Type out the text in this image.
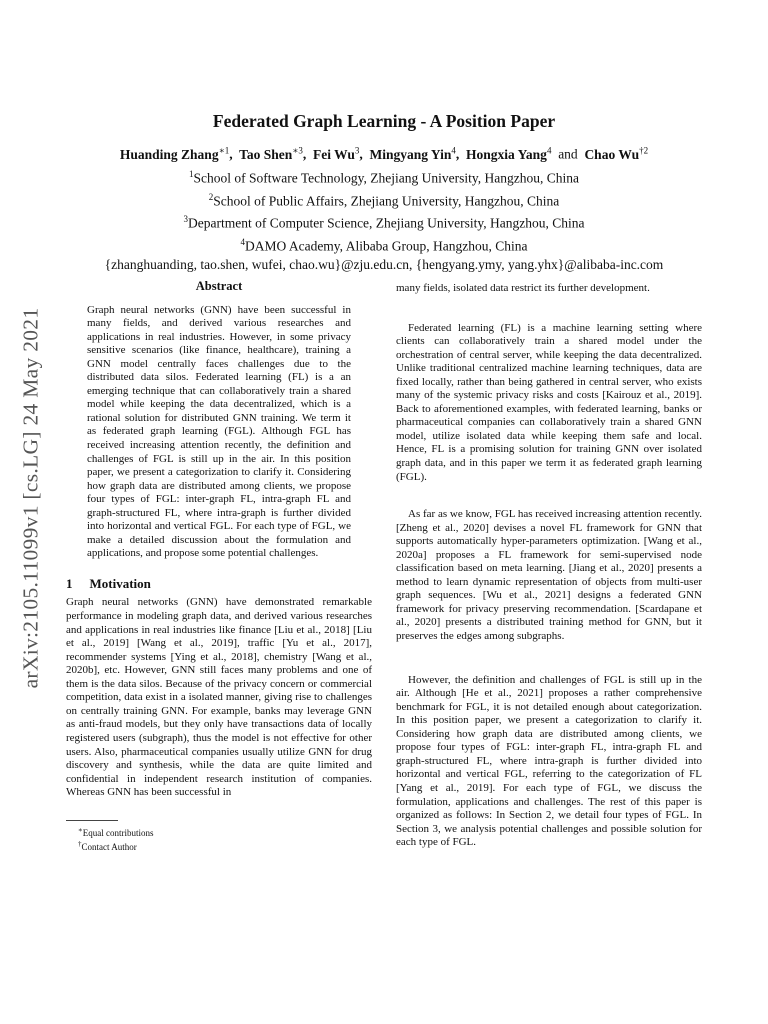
arXiv:2105.11099v1 [cs.LG] 24 May 2021
Federated Graph Learning - A Position Paper

Huanding Zhang$^{∗1}$,  Tao Shen$^{∗3}$,  Fei Wu$^3$,  Mingyang Yin$^4$,  Hongxia Yang$^4$ and Chao Wu$^{\dagger 2}$

$^1$School of Software Technology, Zhejiang University, Hangzhou, China

$^2$School of Public Affairs, Zhejiang University, Hangzhou, China

$^3$Department of Computer Science, Zhejiang University, Hangzhou, China

$^4$DAMO Academy, Alibaba Group, Hangzhou, China

{zhanghuanding, tao.shen, wufei, chao.wu}@zju.edu.cn, {hengyang.ymy, yang.yhx}@alibaba-inc.com

Abstract

Graph neural networks (GNN) have been successful in many fields, and derived various researches and applications in real industries. However, in some privacy sensitive scenarios (like finance, healthcare), training a GNN model centrally faces challenges due to the distributed data silos. Federated learning (FL) is a an emerging technique that can collaboratively train a shared model while keeping the data decentralized, which is a rational solution for distributed GNN training. We term it as federated graph learning (FGL). Although FGL has received increasing attention recently, the definition and challenges of FGL is still up in the air. In this position paper, we present a categorization to clarify it. Considering how graph data are distributed among clients, we propose four types of FGL: inter-graph FL, intra-graph FL and graph-structured FL, where intra-graph is further divided into horizontal and vertical FGL. For each type of FGL, we make a detailed discussion about the formulation and applications, and propose some potential challenges.

1 Motivation

Graph neural networks (GNN) have demonstrated remarkable performance in modeling graph data, and derived various researches and applications in real industries like finance [Liu et al., 2018] [Liu et al., 2019] [Wang et al., 2019], traffic [Yu et al., 2017], recommender systems [Ying et al., 2018], chemistry [Wang et al., 2020b], etc. However, GNN still faces many problems and one of them is the data silos. Because of the privacy concern or commercial competition, data exist in a isolated manner, giving rise to challenges on centrally training GNN. For example, banks may leverage GNN as anti-fraud models, but they only have transactions data of locally registered users (subgraph), thus the model is not effective for other users. Also, pharmaceutical companies usually utilize GNN for drug discovery and synthesis, while the data are quite limited and confidential in independent research institution of companies. Whereas GNN has been successful in

∗Equal contributions

†Contact Author

many fields, isolated data restrict its further development.

Federated learning (FL) is a machine learning setting where clients can collaboratively train a shared model under the orchestration of central server, while keeping the data decentralized. Unlike traditional centralized machine learning techniques, data are fixed locally, rather than being gathered in central server, who exists many of the systemic privacy risks and costs [Kairouz et al., 2019]. Back to aforementioned examples, with federated learning, banks or pharmaceutical companies can collaboratively train a shared GNN model, utilize isolated data while keeping them safe and local. Hence, FL is a promising solution for training GNN over isolated graph data, and in this paper we term it as federated graph learning (FGL).

As far as we know, FGL has received increasing attention recently. [Zheng et al., 2020] devises a novel FL framework for GNN that supports automatically hyper-parameters optimization. [Wang et al., 2020a] proposes a FL framework for semi-supervised node classification based on meta learning. [Jiang et al., 2020] presents a method to learn dynamic representation of objects from multi-user graph sequences. [Wu et al., 2021] designs a federated GNN framework for privacy preserving recommendation. [Scardapane et al., 2020] presents a distributed training method for GNN, but it preserves the edges among subgraphs.

However, the definition and challenges of FGL is still up in the air. Although [He et al., 2021] proposes a rather comprehensive benchmark for FGL, it is not detailed enough about categorization. In this position paper, we present a categorization to clarify it. Considering how graph data are distributed among clients, we propose four types of FGL: inter-graph FL, intra-graph FL and graph-structured FL, where intra-graph is further divided into horizontal and vertical FGL, referring to the categorization of FL [Yang et al., 2019]. For each type of FGL, we discuss the formulation, applications and challenges. The rest of this paper is organized as follows: In Section 2, we detail four types of FGL. In Section 3, we analysis potential challenges and possible solution for each type of FGL.
